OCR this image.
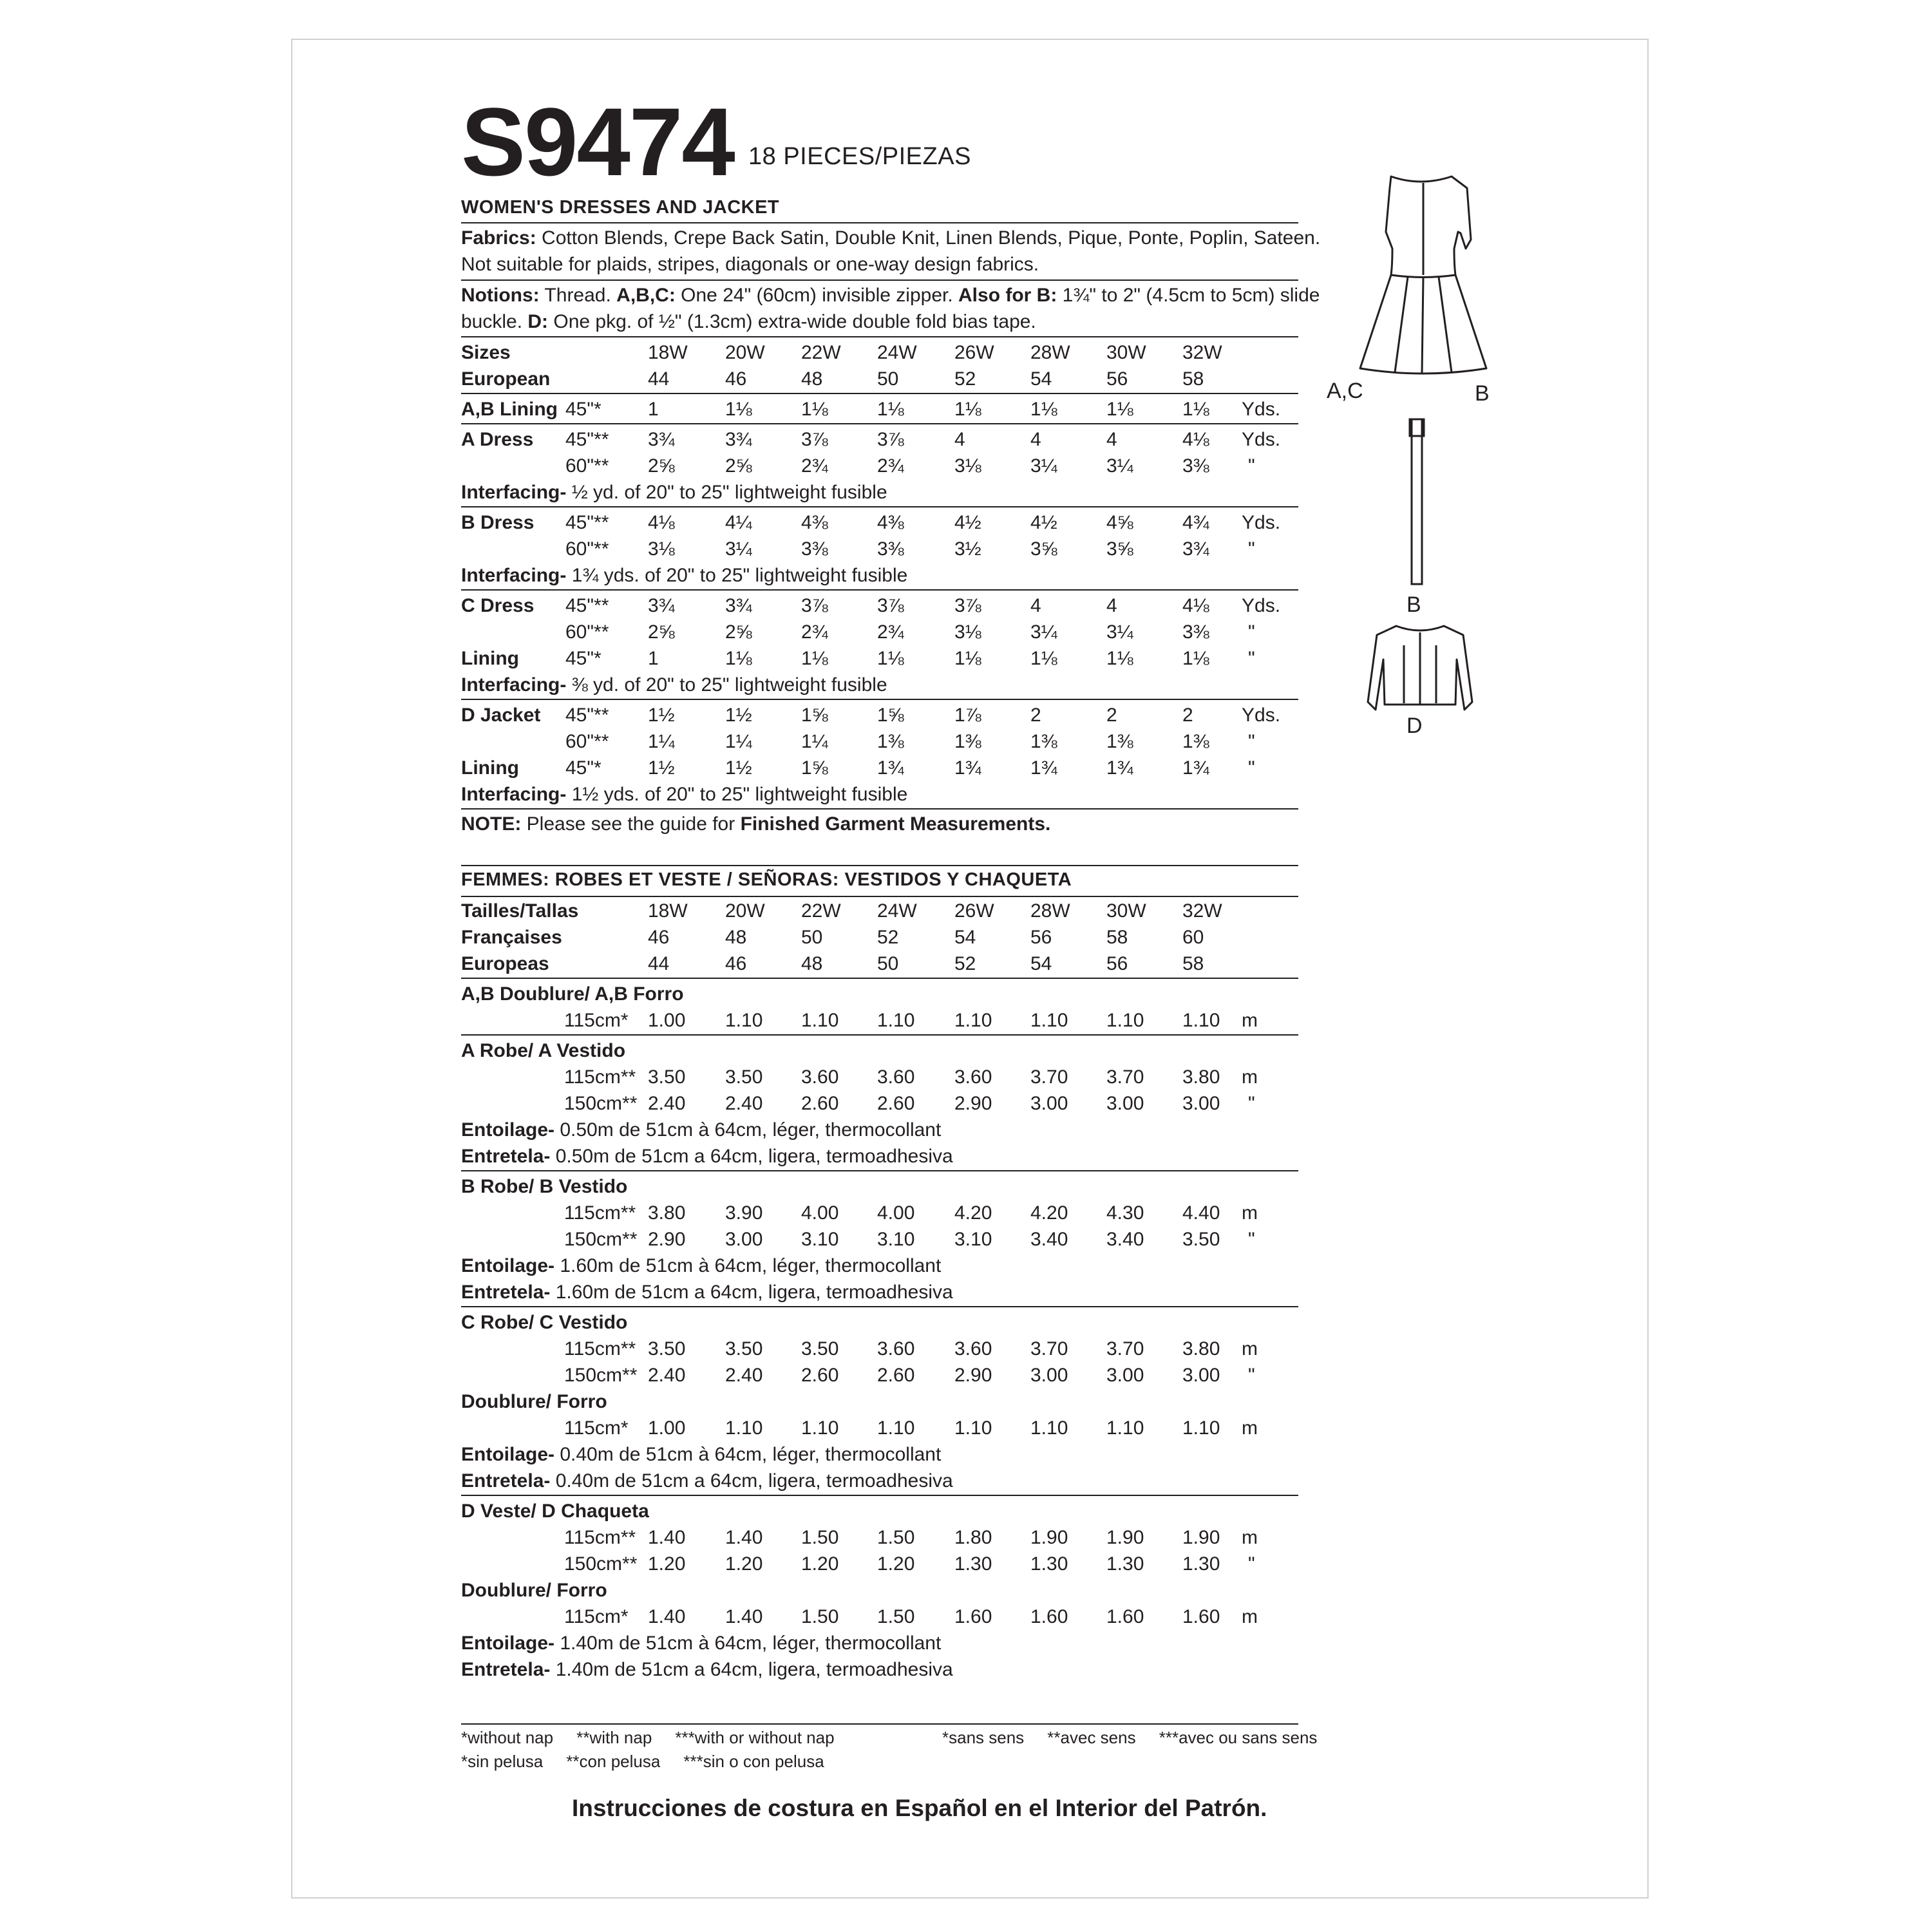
S9474 18 PIECES/PIEZAS
WOMEN'S DRESSES AND JACKET
Fabrics: Cotton Blends, Crepe Back Satin, Double Knit, Linen Blends, Pique, Ponte, Poplin, Sateen.
Not suitable for plaids, stripes, diagonals or one-way design fabrics.
Notions: Thread. A,B,C: One 24" (60cm) invisible zipper. Also for B: 1¾" to 2" (4.5cm to 5cm) slide
buckle. D: One pkg. of ½" (1.3cm) extra-wide double fold bias tape.
Sizes	18W 20W 22W 24W 26W 28W 30W 32W
European	44	46	48	50	52	54	56	58
A,B Lining 45"* 1	1⅛	1⅛	1⅛	1⅛	1⅛	1⅛	1⅛ Yds.
A Dress 45"** 3¾	3¾	3⅞	3⅞	4	4	4	4⅛ Yds.
60"** 2⅝	2⅝	2¾	2¾	3⅛	3¼	3¼	3⅜ "
Interfacing- ½ yd. of 20" to 25" lightweight fusible
B Dress 45"** 4⅛	4¼	4⅜	4⅜	4½	4½	4⅝	4¾ Yds.
60"** 3⅛	3¼	3⅜	3⅜	3½	3⅝	3⅝	3¾ "
Interfacing- 1¾ yds. of 20" to 25" lightweight fusible
C Dress 45"** 3¾	3¾	3⅞	3⅞	3⅞	4	4	4⅛ Yds.
60"** 2⅝	2⅝	2¾	2¾	3⅛	3¼	3¼	3⅜ "
Lining 45"* 1	1⅛	1⅛	1⅛	1⅛	1⅛	1⅛	1⅛ "
Interfacing- ⅜ yd. of 20" to 25" lightweight fusible
D Jacket 45"** 1½	1½	1⅝	1⅝	1⅞	2	2	2	Yds.
60"** 1¼	1¼	1¼	1⅜	1⅜	1⅜	1⅜	1⅜ "
Lining 45"* 1½	1½	1⅝	1¾	1¾	1¾	1¾	1¾ "
Interfacing- 1½ yds. of 20" to 25" lightweight fusible
NOTE: Please see the guide for Finished Garment Measurements.
FEMMES: ROBES ET VESTE / SEÑORAS: VESTIDOS Y CHAQUETA
Tailles/Tallas	18W 20W 22W 24W 26W 28W 30W 32W
Françaises	46	48	50	52	54	56	58	60
Europeas	44	46	48	50	52	54	56	58
A,B Doublure/ A,B Forro
115cm* 1.00 1.10 1.10 1.10 1.10 1.10 1.10 1.10 m
A Robe/ A Vestido
115cm** 3.50 3.50 3.60 3.60 3.60 3.70 3.70 3.80 m
150cm** 2.40 2.40 2.60 2.60 2.90 3.00 3.00 3.00 "
Entoilage- 0.50m de 51cm à 64cm, léger, thermocollant
Entretela- 0.50m de 51cm a 64cm, ligera, termoadhesiva
B Robe/ B Vestido
115cm** 3.80 3.90 4.00 4.00 4.20 4.20 4.30 4.40 m
150cm** 2.90 3.00 3.10 3.10 3.10 3.40 3.40 3.50 "
Entoilage- 1.60m de 51cm à 64cm, léger, thermocollant
Entretela- 1.60m de 51cm a 64cm, ligera, termoadhesiva
C Robe/ C Vestido
115cm** 3.50 3.50 3.50 3.60 3.60 3.70 3.70 3.80 m
150cm** 2.40 2.40 2.60 2.60 2.90 3.00 3.00 3.00 "
Doublure/ Forro
115cm* 1.00 1.10 1.10 1.10 1.10 1.10 1.10 1.10 m
Entoilage- 0.40m de 51cm à 64cm, léger, thermocollant
Entretela- 0.40m de 51cm a 64cm, ligera, termoadhesiva
D Veste/ D Chaqueta
115cm** 1.40 1.40 1.50 1.50 1.80 1.90 1.90 1.90 m
150cm** 1.20 1.20 1.20 1.20 1.30 1.30 1.30 1.30 "
Doublure/ Forro
115cm* 1.40 1.40 1.50 1.50 1.60 1.60 1.60 1.60 m
Entoilage- 1.40m de 51cm à 64cm, léger, thermocollant
Entretela- 1.40m de 51cm a 64cm, ligera, termoadhesiva
*without nap     **with nap     ***with or without nap	*sans sens     **avec sens     ***avec ou sans sens
*sin pelusa     **con pelusa     ***sin o con pelusa
Instrucciones de costura en Español en el Interior del Patrón.
A,C	B
B
D
